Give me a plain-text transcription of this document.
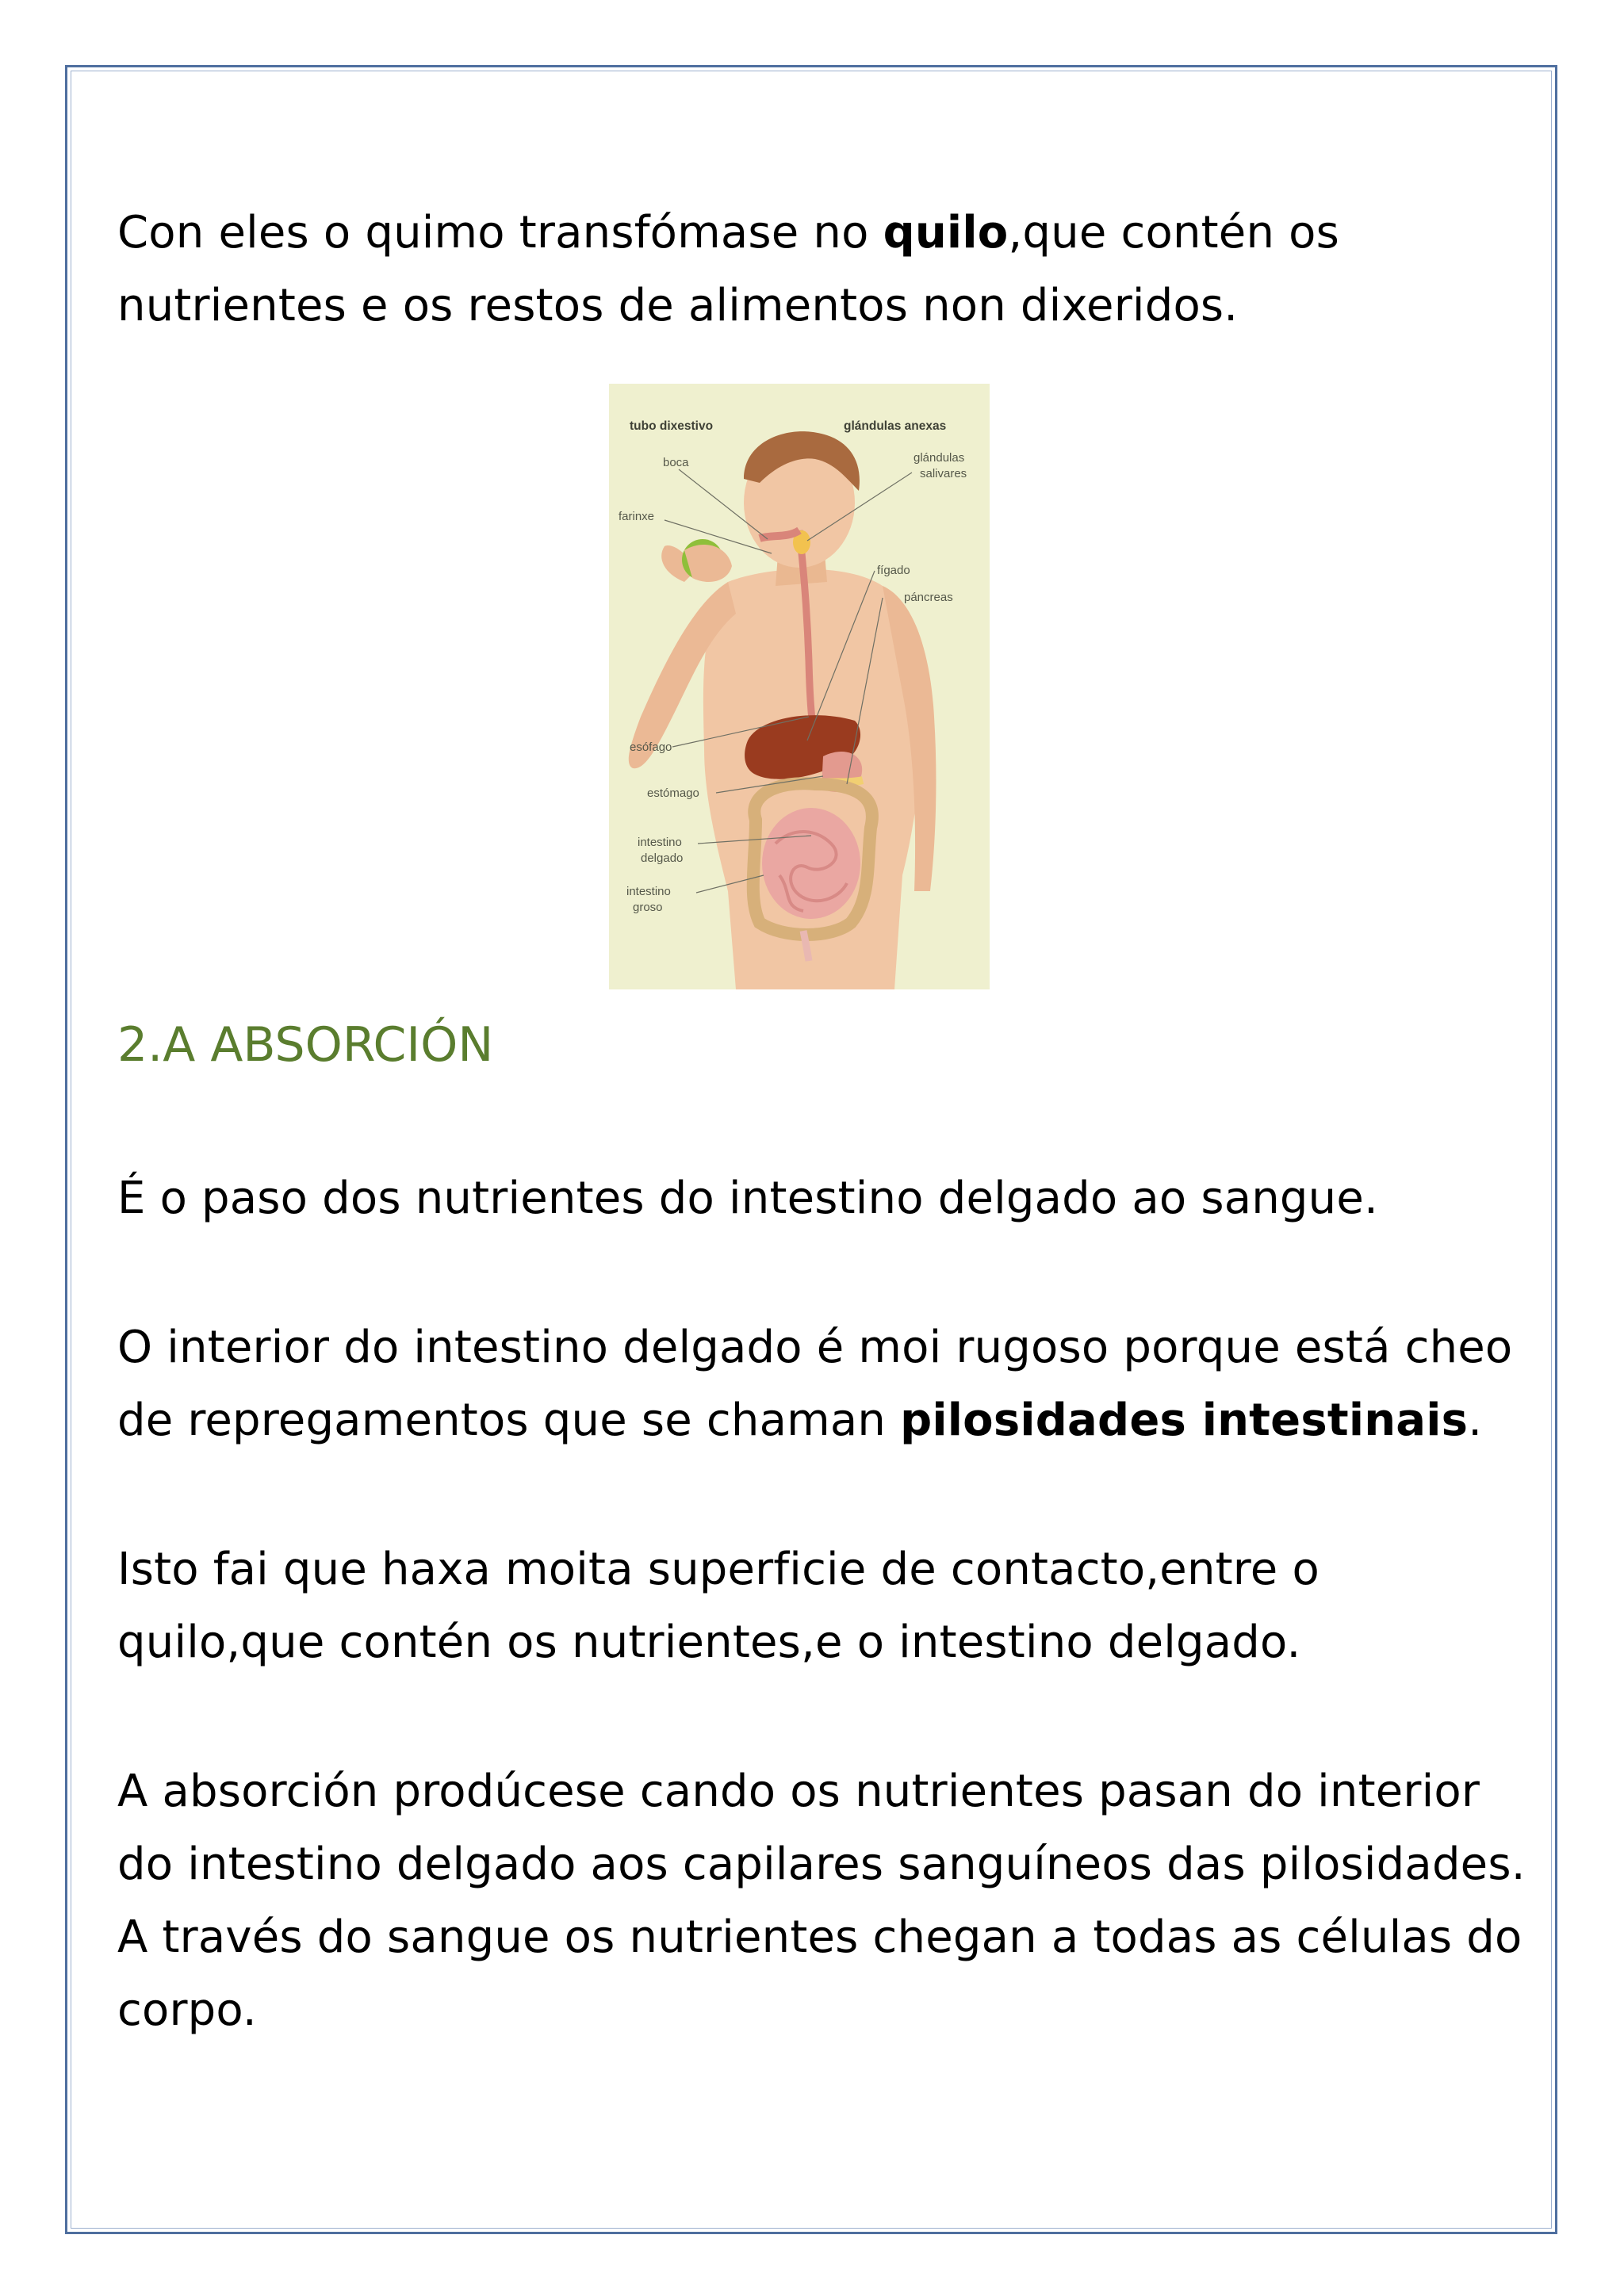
Con eles o quimo transfómase no quilo,que contén os nutrientes e os restos de alimentos non dixeridos.

tubo dixestivo	glándulas anexas
boca
farinxe
glándulas
salivares
fígado
páncreas
esófago
estómago
intestino
delgado
intestino
groso
2.A ABSORCIÓN

É o paso dos nutrientes do intestino delgado ao sangue.

O interior do intestino delgado é moi rugoso porque está cheo de repregamentos que se chaman pilosidades intestinais.

Isto fai que haxa moita superficie de contacto,entre o quilo,que contén os nutrientes,e o intestino delgado.

A absorción prodúcese cando os nutrientes pasan do interior do intestino delgado aos capilares sanguíneos das pilosidades. A través do sangue os nutrientes chegan a todas as células do corpo.
